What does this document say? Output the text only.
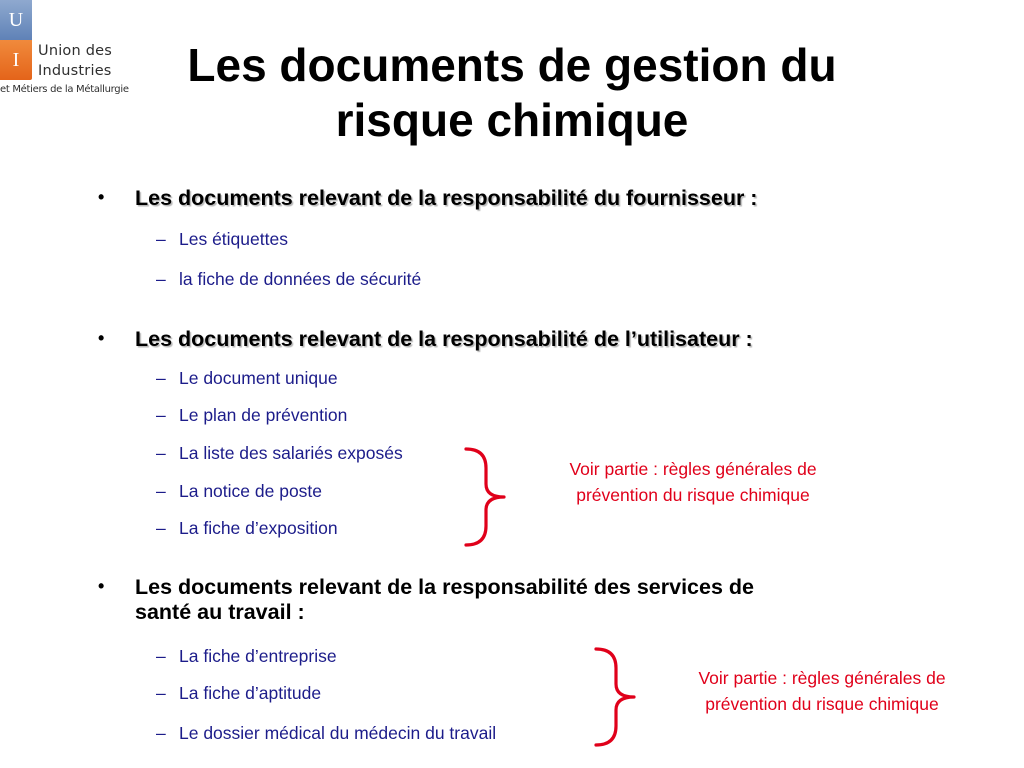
U
I Union des
Industries
et Métiers de la Métallurgie	Les documents de gestion du
risque chimique
• Les documents relevant de la responsabilité du fournisseur :
– Les étiquettes
– la fiche de données de sécurité
• Les documents relevant de la responsabilité de l’utilisateur :
– Le document unique
– Le plan de prévention
– La liste des salariés exposés
– La notice de poste
– La fiche d’exposition
Voir partie : règles générales de
prévention du risque chimique
• Les documents relevant de la responsabilité des services de
santé au travail :
– La fiche d’entreprise
– La fiche d’aptitude
– Le dossier médical du médecin du travail
Voir partie : règles générales de
prévention du risque chimique
